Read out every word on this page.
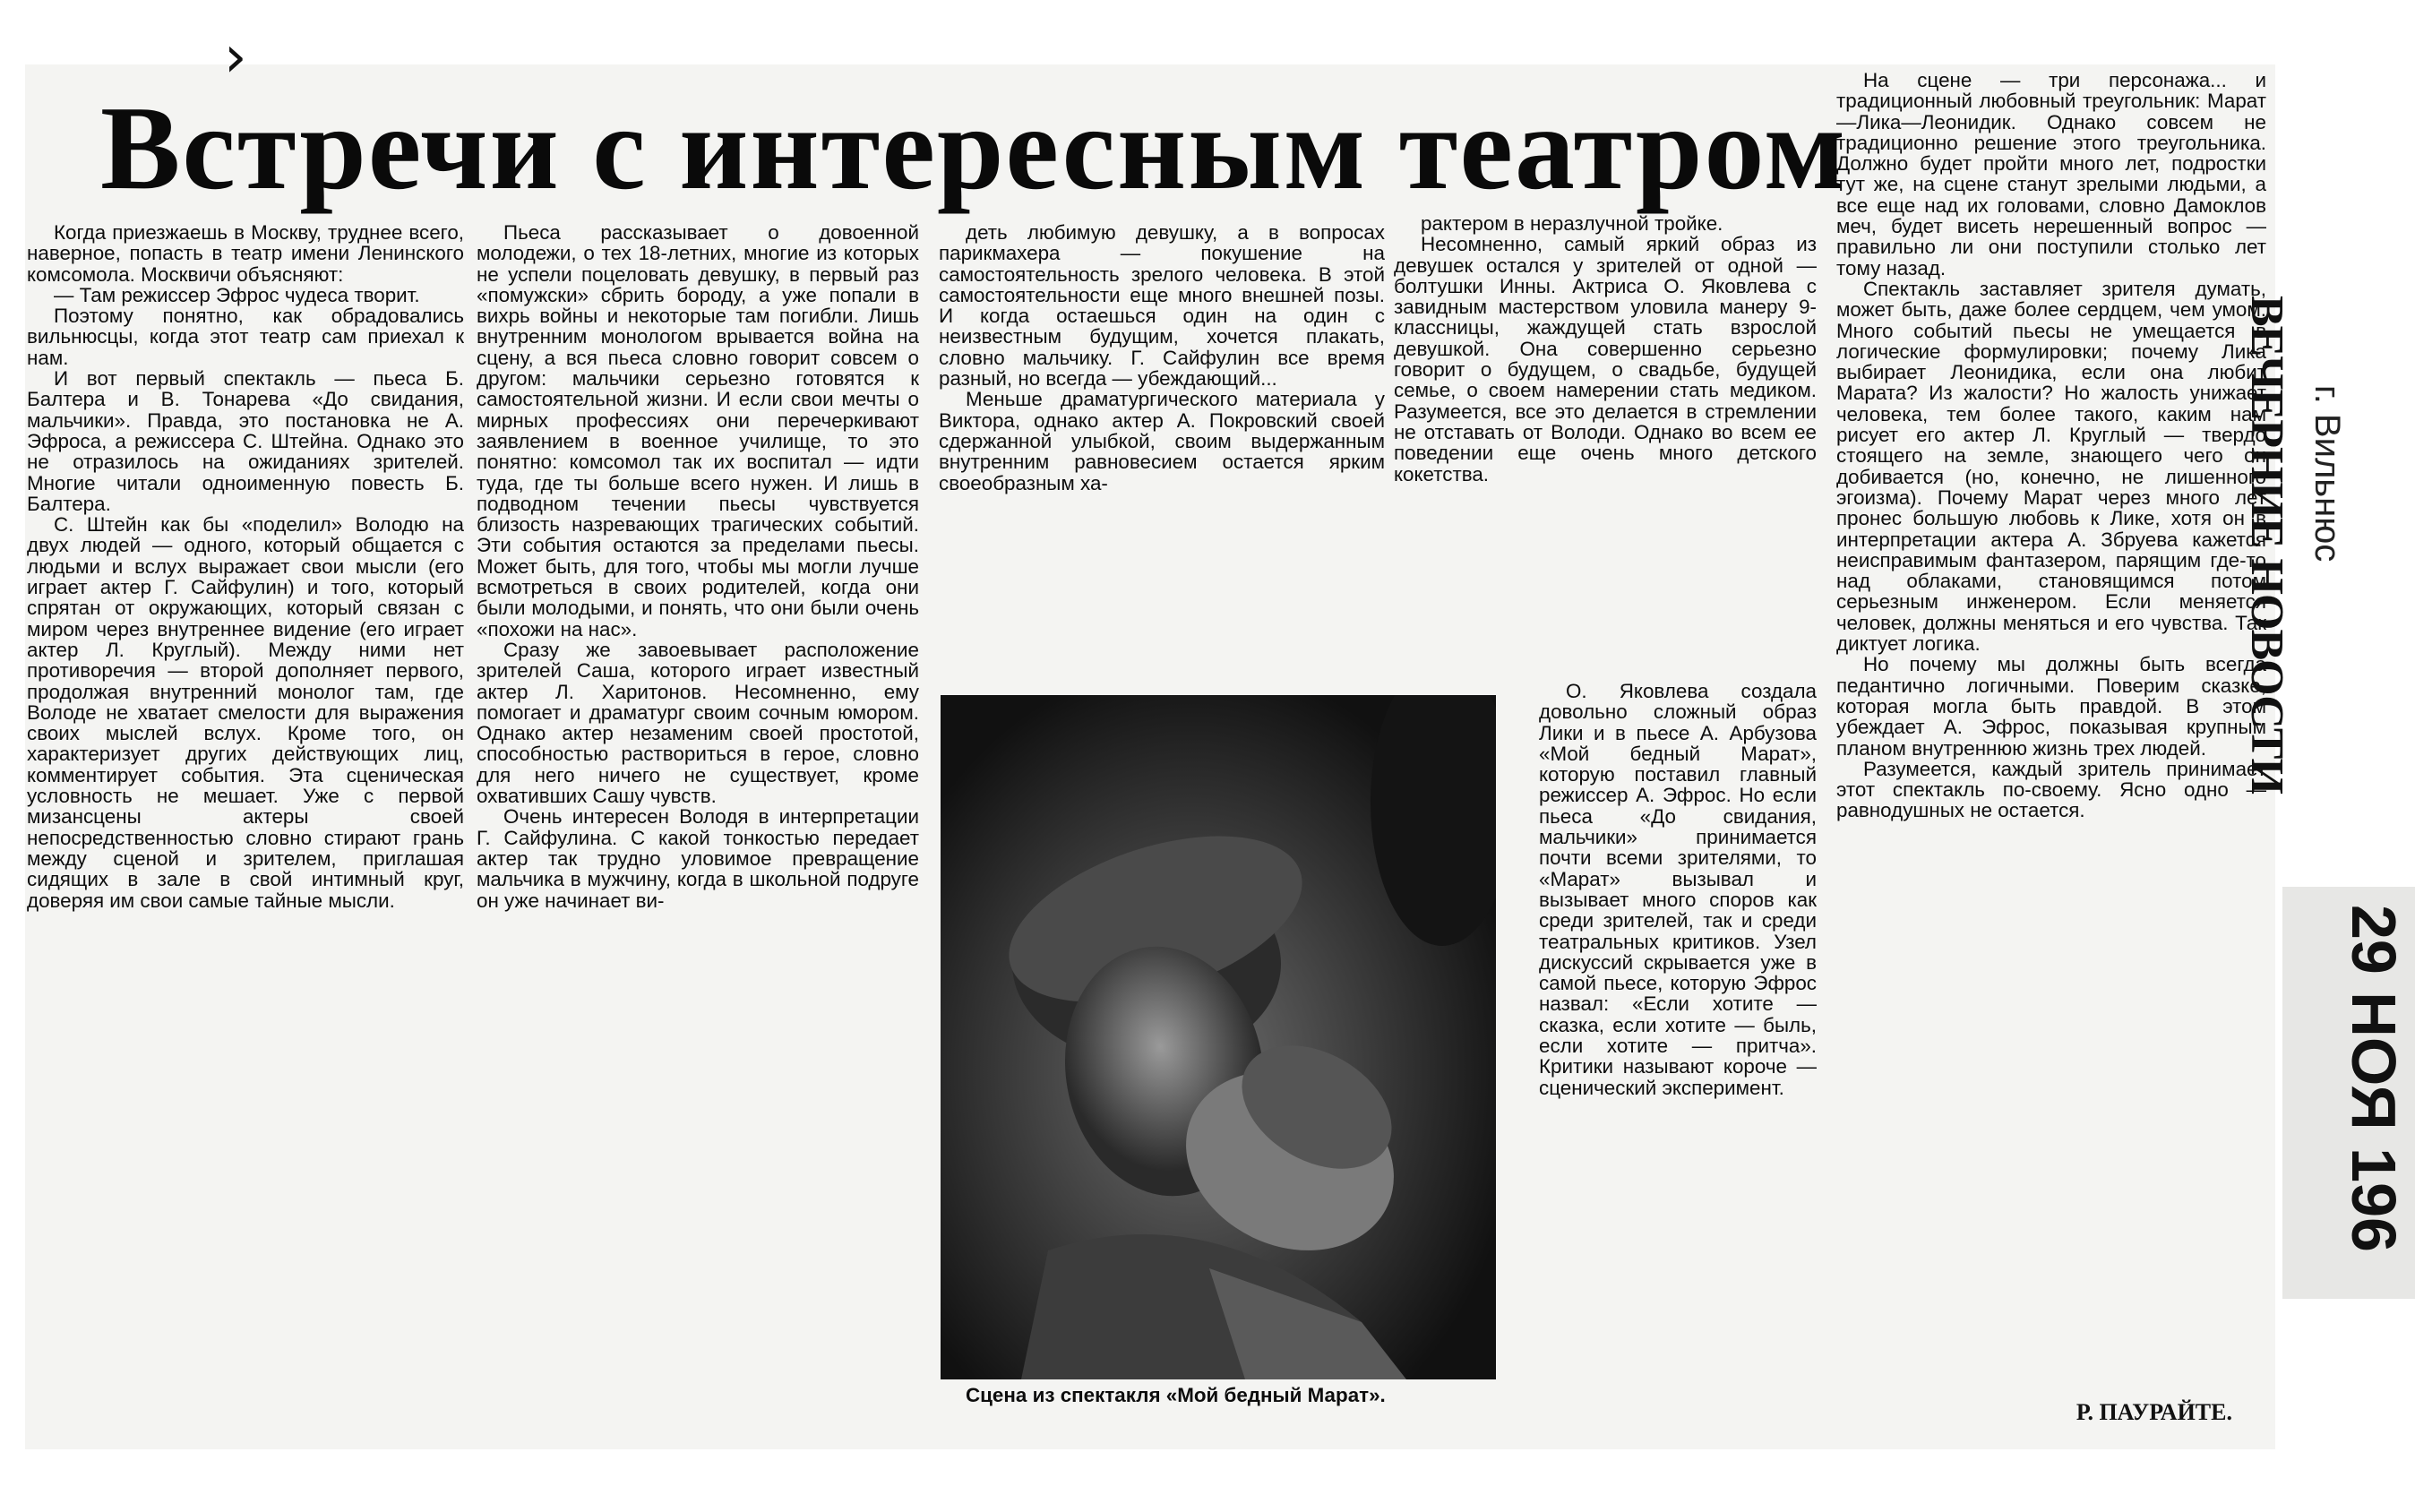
›
Встречи с интересным театром

Когда приезжаешь в Москву, труднее всего, наверное, попасть в театр имени Ленинского комсомола. Москвичи объясняют:

— Там режиссер Эфрос чудеса творит.

Поэтому понятно, как обрадовались вильнюсцы, когда этот театр сам приехал к нам.

И вот первый спектакль — пьеса Б. Балтера и В. Тонарева «До свидания, мальчики». Правда, это постановка не А. Эфроса, а режиссера С. Штейна. Однако это не отразилось на ожиданиях зрителей. Многие читали одноименную повесть Б. Балтера.

С. Штейн как бы «поделил» Володю на двух людей — одного, который общается с людьми и вслух выражает свои мысли (его играет актер Г. Сайфулин) и того, который спрятан от окружающих, который связан с миром через внутреннее видение (его играет актер Л. Круглый). Между ними нет противоречия — второй дополняет первого, продолжая внутренний монолог там, где Володе не хватает смелости для выражения своих мыслей вслух. Кроме того, он характеризует других действующих лиц, комментирует события. Эта сценическая условность не мешает. Уже с первой мизансцены актеры своей непосредственностью словно стирают грань между сценой и зрителем, приглашая сидящих в зале в свой интимный круг, доверяя им свои самые тайные мысли.

Пьеса рассказывает о довоенной молодежи, о тех 18-летних, многие из которых не успели поцеловать девушку, в первый раз «помужски» сбрить бороду, а уже попали в вихрь войны и некоторые там погибли. Лишь внутренним монологом врывается война на сцену, а вся пьеса словно говорит совсем о другом: мальчики серьезно готовятся к самостоятельной жизни. И если свои мечты о мирных профессиях они перечеркивают заявлением в военное училище, то это понятно: комсомол так их воспитал — идти туда, где ты больше всего нужен. И лишь в подводном течении пьесы чувствуется близость назревающих трагических событий. Эти события остаются за пределами пьесы. Может быть, для того, чтобы мы могли лучше всмотреться в своих родителей, когда они были молодыми, и понять, что они были очень «похожи на нас».

Сразу же завоевывает расположение зрителей Саша, которого играет известный актер Л. Харитонов. Несомненно, ему помогает и драматург своим сочным юмором. Однако актер незаменим своей простотой, способностью раствориться в герое, словно для него ничего не существует, кроме охвативших Сашу чувств.

Очень интересен Володя в интерпретации Г. Сайфулина. С какой тонкостью передает актер так трудно уловимое превращение мальчика в мужчину, когда в школьной подруге он уже начинает ви-

деть любимую девушку, а в вопросах парикмахера — покушение на самостоятельность зрелого человека. В этой самостоятельности еще много внешней позы. И когда остаешься один на один с неизвестным будущим, хочется плакать, словно мальчику. Г. Сайфулин все время разный, но всегда — убеждающий...

Меньше драматургического материала у Виктора, однако актер А. Покровский своей сдержанной улыбкой, своим выдержанным внутренним равновесием остается ярким своеобразным ха-

рактером в неразлучной тройке.

Несомненно, самый яркий образ из девушек остался у зрителей от одной — болтушки Инны. Актриса О. Яковлева с завидным мастерством уловила манеру 9-классницы, жаждущей стать взрослой девушкой. Она совершенно серьезно говорит о будущем, о свадьбе, будущей семье, о своем намерении стать медиком. Разумеется, все это делается в стремлении не отставать от Володи. Однако во всем ее поведении еще очень много детского кокетства.

О. Яковлева создала довольно сложный образ Лики и в пьесе А. Арбузова «Мой бедный Марат», которую поставил главный режиссер А. Эфрос. Но если пьеса «До свидания, мальчики» принимается почти всеми зрителями, то «Марат» вызывал и вызывает много споров как среди зрителей, так и среди театральных критиков. Узел дискуссий скрывается уже в самой пьесе, которую Эфрос назвал: «Если хотите — сказка, если хотите — быль, если хотите — притча». Критики называют короче — сценический эксперимент.

На сцене — три персонажа... и традиционный любовный треугольник: Марат—Лика—Леонидик. Однако совсем не традиционно решение этого треугольника. Должно будет пройти много лет, подростки тут же, на сцене станут зрелыми людьми, а все еще над их головами, словно Дамоклов меч, будет висеть нерешенный вопрос — правильно ли они поступили столько лет тому назад.

Спектакль заставляет зрителя думать, может быть, даже более сердцем, чем умом. Много событий пьесы не умещается в логические формулировки; почему Лика выбирает Леонидика, если она любит Марата? Из жалости? Но жалость унижает человека, тем более такого, каким нам рисует его актер Л. Круглый — твердо стоящего на земле, знающего чего он добивается (но, конечно, не лишенного эгоизма). Почему Марат через много лет пронес большую любовь к Лике, хотя он в интерпретации актера А. Збруева кажется неисправимым фантазером, парящим где-то над облаками, становящимся потом серьезным инженером. Если меняется человек, должны меняться и его чувства. Так диктует логика.

Но почему мы должны быть всегда педантично логичными. Поверим сказке, которая могла быть правдой. В этом убеждает А. Эфрос, показывая крупным планом внутреннюю жизнь трех людей.

Разумеется, каждый зритель принимает этот спектакль по-своему. Ясно одно — равнодушных не остается.

Сцена из спектакля «Мой бедный Марат».
Р. ПАУРАЙТЕ.
ВЕЧЕРНИЕ НОВОСТИ г. Вильнюс
29 НОЯ 196
